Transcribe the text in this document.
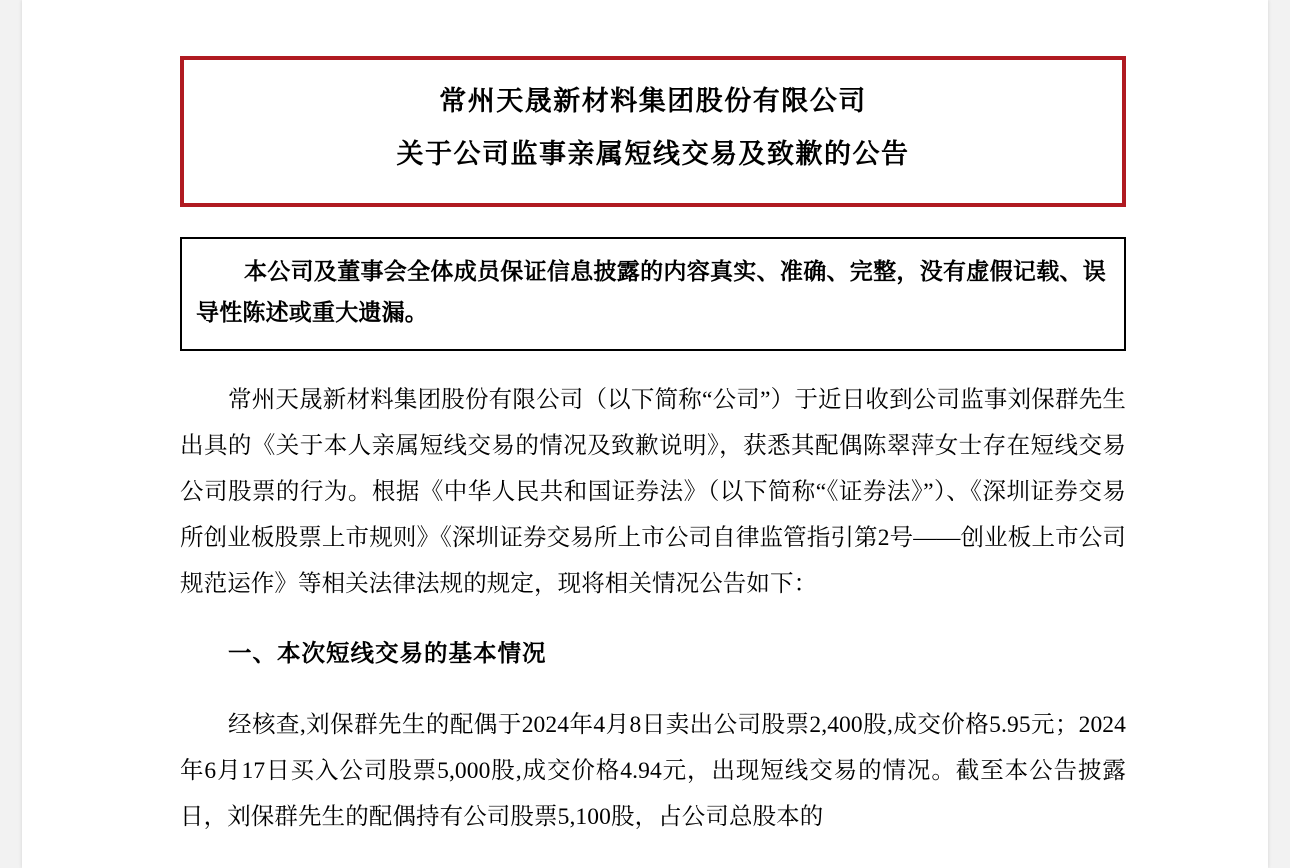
常州天晟新材料集团股份有限公司
关于公司监事亲属短线交易及致歉的公告
本公司及董事会全体成员保证信息披露的内容真实、准确、完整，没有虚假记载、误导性陈述或重大遗漏。

常州天晟新材料集团股份有限公司（以下简称“公司”）于近日收到公司监事刘保群先生出具的《关于本人亲属短线交易的情况及致歉说明》，获悉其配偶陈翠萍女士存在短线交易公司股票的行为。根据《中华人民共和国证券法》（以下简称“《证券法》”）、《深圳证券交易所创业板股票上市规则》《深圳证券交易所上市公司自律监管指引第2号——创业板上市公司规范运作》等相关法律法规的规定，现将相关情况公告如下：

一、本次短线交易的基本情况

经核查,刘保群先生的配偶于2024年4月8日卖出公司股票2,400股,成交价格5.95元；2024年6月17日买入公司股票5,000股,成交价格4.94元，出现短线交易的情况。截至本公告披露日，刘保群先生的配偶持有公司股票5,100股，占公司总股本的
